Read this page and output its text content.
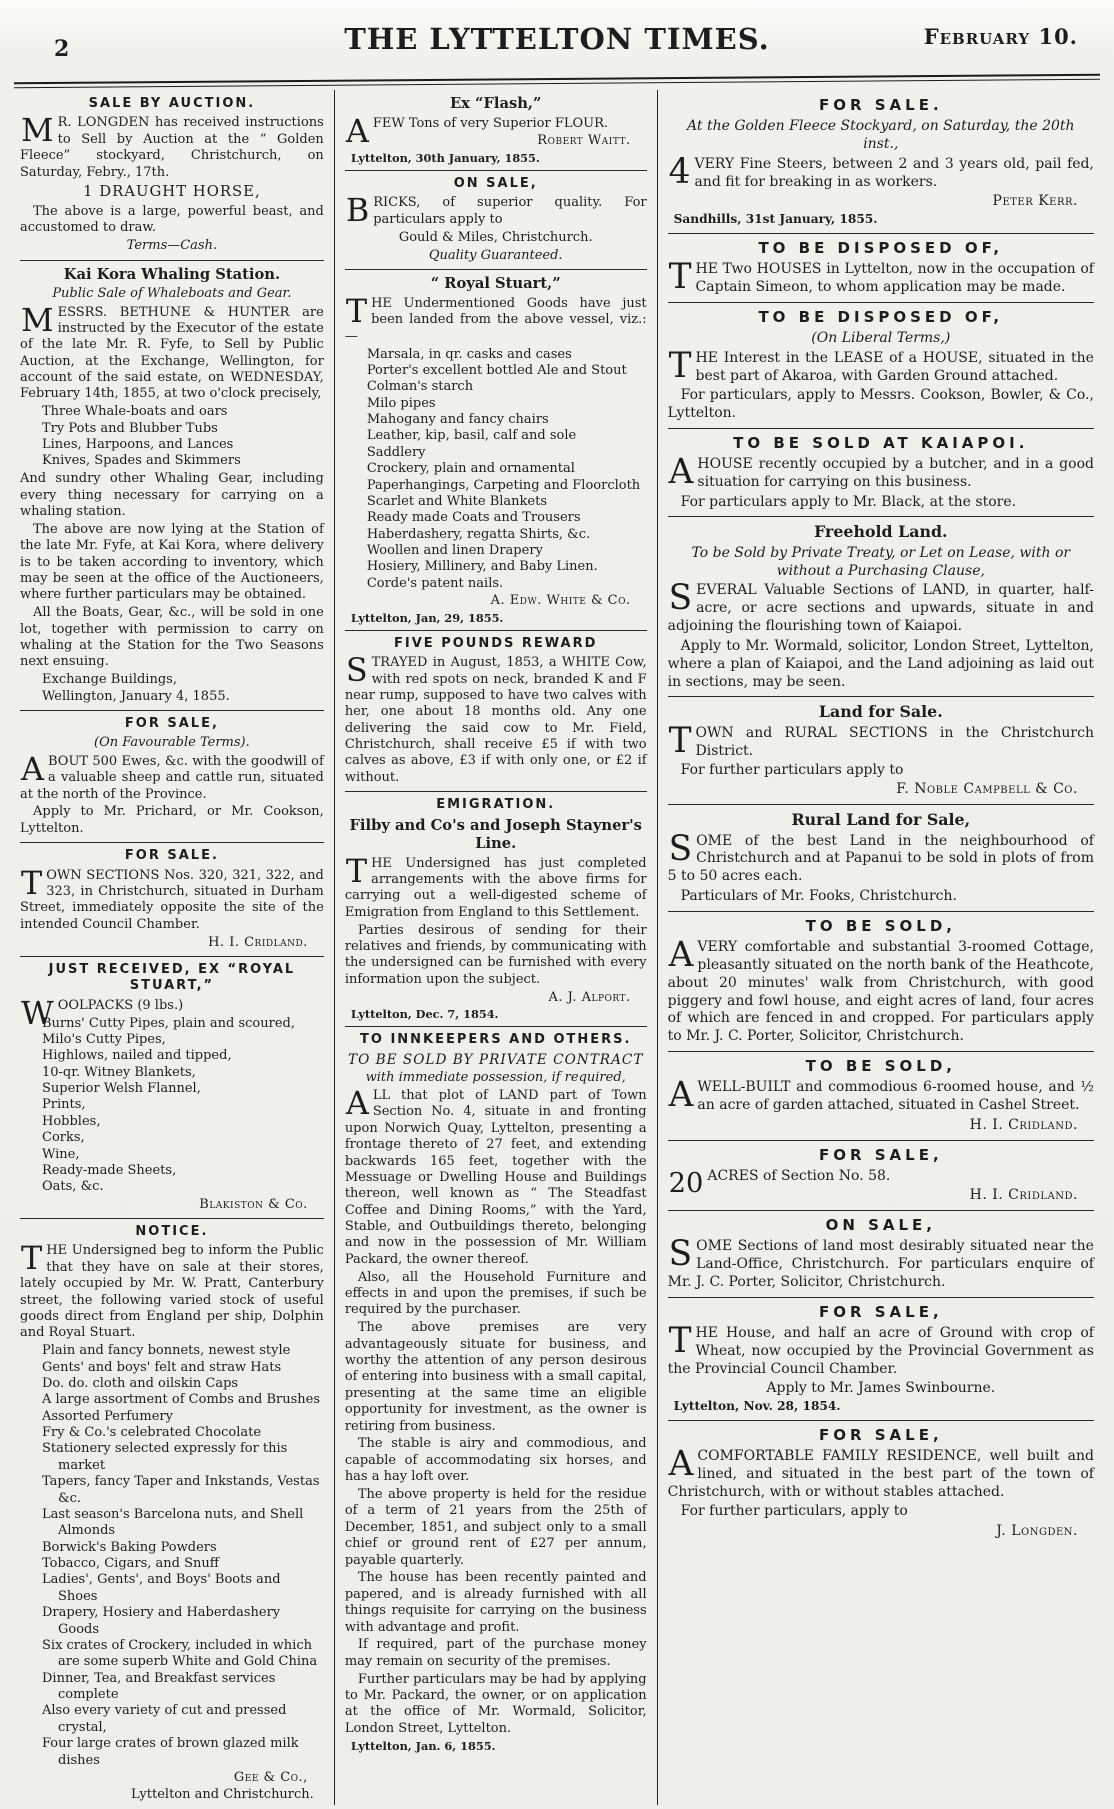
2	THE LYTTELTON TIMES.	February 10.
SALE BY AUCTION.

M R. LONGDEN has received instructions to Sell by Auction at the “ Golden Fleece” stockyard, Christchurch, on Saturday, Febry., 17th.

1 DRAUGHT HORSE,
The above is a large, powerful beast, and accustomed to draw.
Terms—Cash.
Kai Kora Whaling Station.
Public Sale of Whaleboats and Gear.

MESSRS. BETHUNE & HUNTER are instructed by the Executor of the estate of the late Mr. R. Fyfe, to Sell by Public Auction, at the Exchange, Wellington, for account of the said estate, on WEDNESDAY, February 14th, 1855, at two o'clock precisely,

Three Whale-boats and oars
Try Pots and Blubber Tubs
Lines, Harpoons, and Lances
Knives, Spades and Skimmers
And sundry other Whaling Gear, including every thing necessary for carrying on a whaling station.
The above are now lying at the Station of the late Mr. Fyfe, at Kai Kora, where delivery is to be taken according to inventory, which may be seen at the office of the Auctioneers, where further particulars may be obtained.
All the Boats, Gear, &c., will be sold in one lot, together with permission to carry on whaling at the Station for the Two Seasons next ensuing.
Exchange Buildings,
Wellington, January 4, 1855.
FOR SALE,
(On Favourable Terms).

ABOUT 500 Ewes, &c. with the goodwill of a valuable sheep and cattle run, situated at the north of the Province.

Apply to Mr. Prichard, or Mr. Cookson, Lyttelton.
FOR SALE.

TOWN SECTIONS Nos. 320, 321, 322, and 323, in Christchurch, situated in Durham Street, immediately opposite the site of the intended Council Chamber.

H. I. Cridland.
JUST RECEIVED, EX “ROYAL STUART,”

WOOLPACKS (9 lbs.)

Burns' Cutty Pipes, plain and scoured,
Milo's Cutty Pipes,
Highlows, nailed and tipped,
10-qr. Witney Blankets,
Superior Welsh Flannel,
Prints,
Hobbles,
Corks,
Wine,
Ready-made Sheets,
Oats, &c.
Blakiston & Co.
NOTICE.

THE Undersigned beg to inform the Public that they have on sale at their stores, lately occupied by Mr. W. Pratt, Canterbury street, the following varied stock of useful goods direct from England per ship, Dolphin and Royal Stuart.

Plain and fancy bonnets, newest style
Gents' and boys' felt and straw Hats
Do. do. cloth and oilskin Caps
A large assortment of Combs and Brushes
Assorted Perfumery
Fry & Co.'s celebrated Chocolate
Stationery selected expressly for this market
Tapers, fancy Taper and Inkstands, Vestas &c.
Last season's Barcelona nuts, and Shell Almonds
Borwick's Baking Powders
Tobacco, Cigars, and Snuff
Ladies', Gents', and Boys' Boots and Shoes
Drapery, Hosiery and Haberdashery Goods
Six crates of Crockery, included in which are some superb White and Gold China
Dinner, Tea, and Breakfast services complete
Also every variety of cut and pressed crystal,
Four large crates of brown glazed milk dishes
Gee & Co.,
Lyttelton and Christchurch.
Ex “Flash,”

AFEW Tons of very Superior FLOUR.

Robert Waitt.
Lyttelton, 30th January, 1855.
ON SALE,

BRICKS, of superior quality. For particulars apply to

Gould & Miles, Christchurch.
Quality Guaranteed.
“ Royal Stuart,”

THE Undermentioned Goods have just been landed from the above vessel, viz.:—

Marsala, in qr. casks and cases
Porter's excellent bottled Ale and Stout
Colman's starch
Milo pipes
Mahogany and fancy chairs
Leather, kip, basil, calf and sole
Saddlery
Crockery, plain and ornamental
Paperhangings, Carpeting and Floorcloth
Scarlet and White Blankets
Ready made Coats and Trousers
Haberdashery, regatta Shirts, &c.
Woollen and linen Drapery
Hosiery, Millinery, and Baby Linen.
Corde's patent nails.
A. Edw. White & Co.
Lyttelton, Jan, 29, 1855.
FIVE POUNDS REWARD

STRAYED in August, 1853, a WHITE Cow, with red spots on neck, branded K and F near rump, supposed to have two calves with her, one about 18 months old. Any one delivering the said cow to Mr. Field, Christchurch, shall receive £5 if with two calves as above, £3 if with only one, or £2 if without.

EMIGRATION.
Filby and Co's and Joseph Stayner's Line.

THE Undersigned has just completed arrangements with the above firms for carrying out a well-digested scheme of Emigration from England to this Settlement.

Parties desirous of sending for their relatives and friends, by communicating with the undersigned can be furnished with every information upon the subject.
A. J. Alport.
Lyttelton, Dec. 7, 1854.
TO INNKEEPERS AND OTHERS.
TO BE SOLD BY PRIVATE CONTRACT
with immediate possession, if required,

ALL that plot of LAND part of Town Section No. 4, situate in and fronting upon Norwich Quay, Lyttelton, presenting a frontage thereto of 27 feet, and extending backwards 165 feet, together with the Messuage or Dwelling House and Buildings thereon, well known as “ The Steadfast Coffee and Dining Rooms,” with the Yard, Stable, and Outbuildings thereto, belonging and now in the possession of Mr. William Packard, the owner thereof.

Also, all the Household Furniture and effects in and upon the premises, if such be required by the purchaser.
The above premises are very advantageously situate for business, and worthy the attention of any person desirous of entering into business with a small capital, presenting at the same time an eligible opportunity for investment, as the owner is retiring from business.
The stable is airy and commodious, and capable of accommodating six horses, and has a hay loft over.
The above property is held for the residue of a term of 21 years from the 25th of December, 1851, and subject only to a small chief or ground rent of £27 per annum, payable quarterly.
The house has been recently painted and papered, and is already furnished with all things requisite for carrying on the business with advantage and profit.
If required, part of the purchase money may remain on security of the premises.
Further particulars may be had by applying to Mr. Packard, the owner, or on application at the office of Mr. Wormald, Solicitor, London Street, Lyttelton.
Lyttelton, Jan. 6, 1855.
FOR SALE.
At the Golden Fleece Stockyard, on Saturday, the 20th inst.,

4 VERY Fine Steers, between 2 and 3 years old, pail fed, and fit for breaking in as workers.

Peter Kerr.
Sandhills, 31st January, 1855.
TO BE DISPOSED OF,

THE Two HOUSES in Lyttelton, now in the occupation of Captain Simeon, to whom application may be made.

TO BE DISPOSED OF,
(On Liberal Terms,)

THE Interest in the LEASE of a HOUSE, situated in the best part of Akaroa, with Garden Ground attached.

For particulars, apply to Messrs. Cookson, Bowler, & Co., Lyttelton.
TO BE SOLD AT KAIAPOI.

AHOUSE recently occupied by a butcher, and in a good situation for carrying on this business.

For particulars apply to Mr. Black, at the store.
Freehold Land.
To be Sold by Private Treaty, or Let on Lease, with or without a Purchasing Clause,

SEVERAL Valuable Sections of LAND, in quarter, half-acre, or acre sections and upwards, situate in and adjoining the flourishing town of Kaiapoi.

Apply to Mr. Wormald, solicitor, London Street, Lyttelton, where a plan of Kaiapoi, and the Land adjoining as laid out in sections, may be seen.
Land for Sale.

TOWN and RURAL SECTIONS in the Christchurch District.

For further particulars apply to
F. Noble Campbell & Co.
Rural Land for Sale,

SOME of the best Land in the neighbourhood of Christchurch and at Papanui to be sold in plots of from 5 to 50 acres each.

Particulars of Mr. Fooks, Christchurch.
TO BE SOLD,

AVERY comfortable and substantial 3-roomed Cottage, pleasantly situated on the north bank of the Heathcote, about 20 minutes' walk from Christchurch, with good piggery and fowl house, and eight acres of land, four acres of which are fenced in and cropped. For particulars apply to Mr. J. C. Porter, Solicitor, Christchurch.

TO BE SOLD,

AWELL-BUILT and commodious 6-roomed house, and ½ an acre of garden attached, situated in Cashel Street.

H. I. Cridland.
FOR SALE,

20 ACRES of Section No. 58.

H. I. Cridland.
ON SALE,

SOME Sections of land most desirably situated near the Land-Office, Christchurch. For particulars enquire of Mr. J. C. Porter, Solicitor, Christchurch.

FOR SALE,

THE House, and half an acre of Ground with crop of Wheat, now occupied by the Provincial Government as the Provincial Council Chamber.

Apply to Mr. James Swinbourne.
Lyttelton, Nov. 28, 1854.
FOR SALE,

ACOMFORTABLE FAMILY RESIDENCE, well built and lined, and situated in the best part of the town of Christchurch, with or without stables attached.

For further particulars, apply to
J. Longden.
